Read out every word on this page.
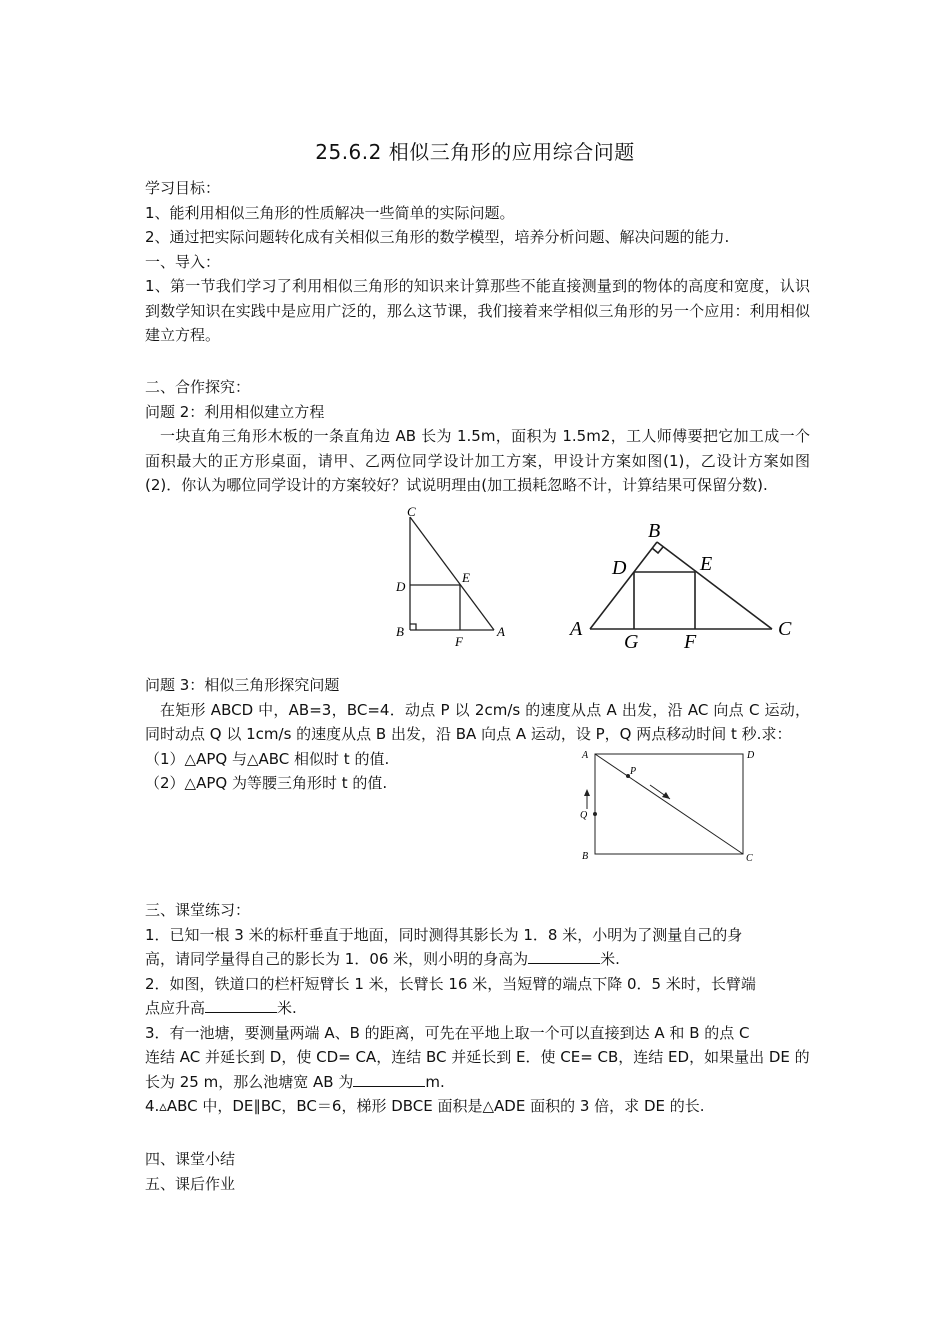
25.6.2 相似三角形的应用综合问题
学习目标：
1、能利用相似三角形的性质解决一些简单的实际问题。
2、通过把实际问题转化成有关相似三角形的数学模型，培养分析问题、解决问题的能力.
一、导入：
1、第一节我们学习了利用相似三角形的知识来计算那些不能直接测量到的物体的高度和宽度，认识到数学知识在实践中是应用广泛的，那么这节课，我们接着来学相似三角形的另一个应用：利用相似建立方程。
二、合作探究：
问题 2：利用相似建立方程
一块直角三角形木板的一条直角边 AB 长为 1.5m，面积为 1.5m2，工人师傅要把它加工成一个面积最大的正方形桌面，请甲、乙两位同学设计加工方案，甲设计方案如图(1)，乙设计方案如图(2)．你认为哪位同学设计的方案较好？试说明理由(加工损耗忽略不计，计算结果可保留分数).
C
D
E
B
F
A
B
D	E
A
G F
C
问题 3：相似三角形探究问题
在矩形 ABCD 中，AB=3，BC=4．动点 P 以 2cm/s 的速度从点 A 出发，沿 AC 向点 C 运动，同时动点 Q 以 1cm/s 的速度从点 B 出发，沿 BA 向点 A 运动，设 P，Q 两点移动时间 t 秒.求：
（1）△APQ 与△ABC 相似时 t 的值.
（2）△APQ 为等腰三角形时 t 的值.
A	D
P
Q
B	C
三、课堂练习：
1．已知一根 3 米的标杆垂直于地面，同时测得其影长为 1．8 米，小明为了测量自己的身
高，请同学量得自己的影长为 1．06 米，则小明的身高为	米.
2．如图，铁道口的栏杆短臂长 1 米，长臂长 16 米，当短臂的端点下降 0．5 米时，长臂端
点应升高	米.
3．有一池塘，要测量两端 A、B 的距离，可先在平地上取一个可以直接到达 A 和 B 的点 C
连结 AC 并延长到 D，使 CD= CA，连结 BC 并延长到 E．使 CE= CB，连结 ED，如果量出 DE 的
长为 25 m，那么池塘宽 AB 为	m.
4.▵ABC 中，DE∥BC，BC＝6，梯形 DBCE 面积是△ADE 面积的 3 倍，求 DE 的长.
四、课堂小结
五、课后作业
